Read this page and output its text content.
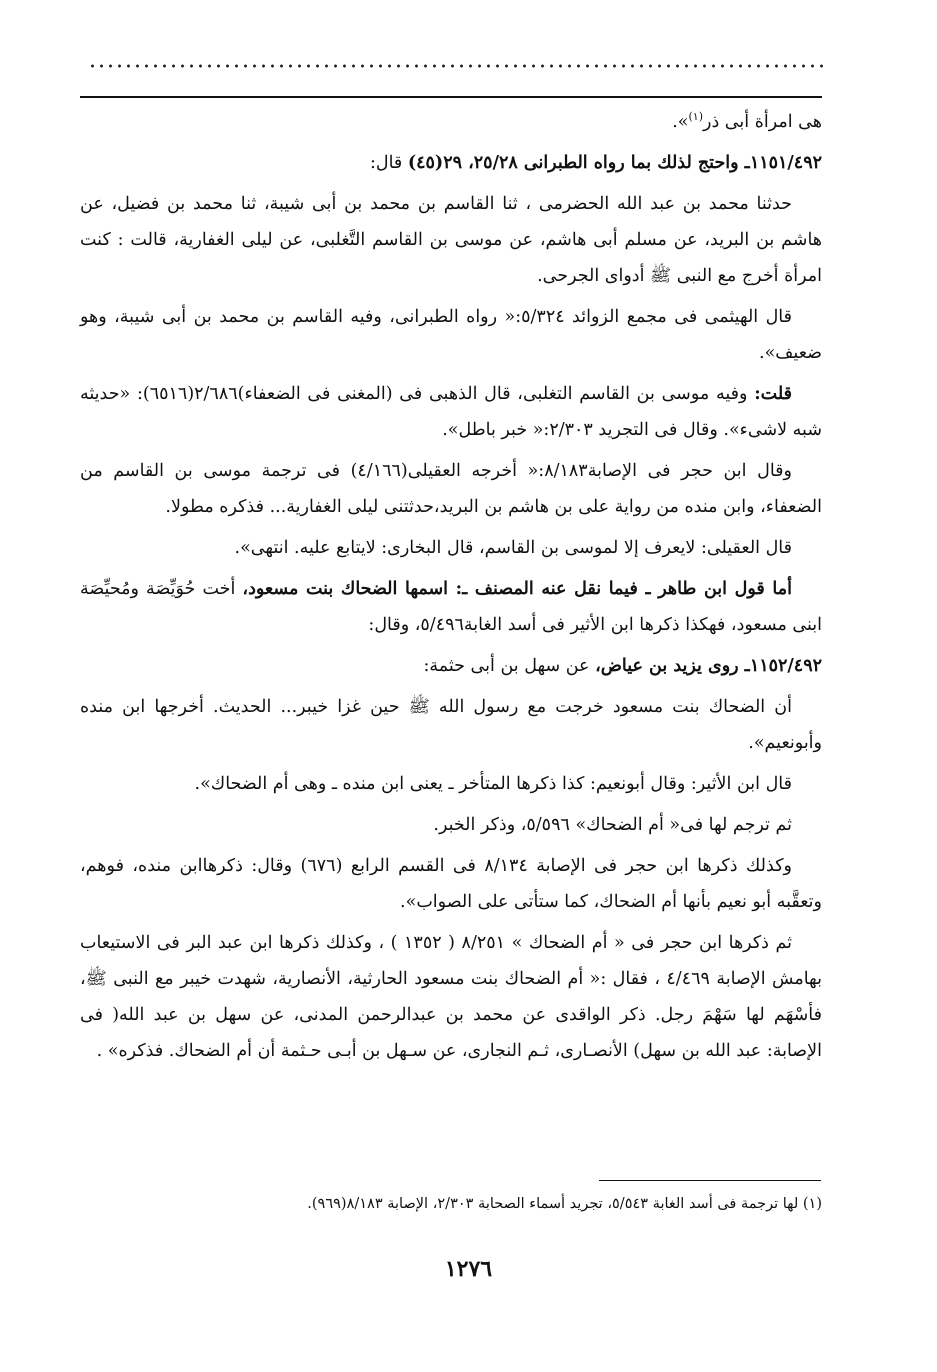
هى امرأة أبى ذر$^{(١)}$».

١١٥١/٤٩٢ـ واحتج لذلك بما رواه الطبرانى ٢٥/٢٨، ٢٩(٤٥) قال:

حدثنا محمد بن عبد الله الحضرمى ، ثنا القاسم بن محمد بن أبى شيبة، ثنا محمد بن فضيل، عن هاشم بن البريد، عن مسلم أبى هاشم، عن موسى بن القاسم التَّغلبى، عن ليلى الغفارية، قالت : كنت امرأة أخرج مع النبى ﷺ أدواى الجرحى.

قال الهيثمى فى مجمع الزوائد ٥/٣٢٤:« رواه الطبرانى، وفيه القاسم بن محمد بن أبى شيبة، وهو ضعيف».

قلت: وفيه موسى بن القاسم التغلبى، قال الذهبى فى (المغنى فى الضعفاء)٢/٦٨٦(٦٥١٦): «حديثه شبه لاشىء». وقال فى التجريد ٢/٣٠٣:« خبر باطل».

وقال ابن حجر فى الإصابة٨/١٨٣:« أخرجه العقيلى(٤/١٦٦) فى ترجمة موسى بن القاسم من الضعفاء، وابن منده من رواية على بن هاشم بن البريد،حدثتنى ليلى الغفارية... فذكره مطولا.

قال العقيلى: لايعرف إلا لموسى بن القاسم، قال البخارى: لايتابع عليه. انتهى».

أما قول ابن طاهر ـ فيما نقل عنه المصنف ـ: اسمها الضحاك بنت مسعود، أخت حُوَيِّصَة ومُحيِّصَة ابنى مسعود، فهكذا ذكرها ابن الأثير فى أسد الغابة٥/٤٩٦، وقال:

١١٥٢/٤٩٢ـ روى يزيد بن عياض، عن سهل بن أبى حثمة:

أن الضحاك بنت مسعود خرجت مع رسول الله ﷺ حين غزا خيبر... الحديث. أخرجها ابن منده وأبونعيم».

قال ابن الأثير: وقال أبونعيم: كذا ذكرها المتأخر ـ يعنى ابن منده ـ وهى أم الضحاك».

ثم ترجم لها فى« أم الضحاك» ٥/٥٩٦، وذكر الخبر.

وكذلك ذكرها ابن حجر فى الإصابة ٨/١٣٤ فى القسم الرابع (٦٧٦) وقال: ذكرهاابن منده، فوهم، وتعقَّبه أبو نعيم بأنها أم الضحاك، كما ستأتى على الصواب».

ثم ذكرها ابن حجر فى « أم الضحاك » ٨/٢٥١ ( ١٣٥٢ ) ، وكذلك ذكرها ابن عبد البر فى الاستيعاب بهامش الإصابة ٤/٤٦٩ ، فقال :« أم الضحاك بنت مسعود الحارثية، الأنصارية، شهدت خيبر مع النبى ﷺ، فأسْهَم لها سَهْمَ رجل. ذكر الواقدى عن محمد بن عبدالرحمن المدنى، عن سهل بن عبد الله( فى الإصابة: عبد الله بن سهل) الأنصـارى، ثـم النجارى، عن سـهل بن أبـى حـثمة أن أم الضحاك. فذكره» .

(١) لها ترجمة فى أسد الغابة ٥/٥٤٣، تجريد أسماء الصحابة ٢/٣٠٣، الإصابة ٨/١٨٣(٩٦٩).
١٢٧٦
